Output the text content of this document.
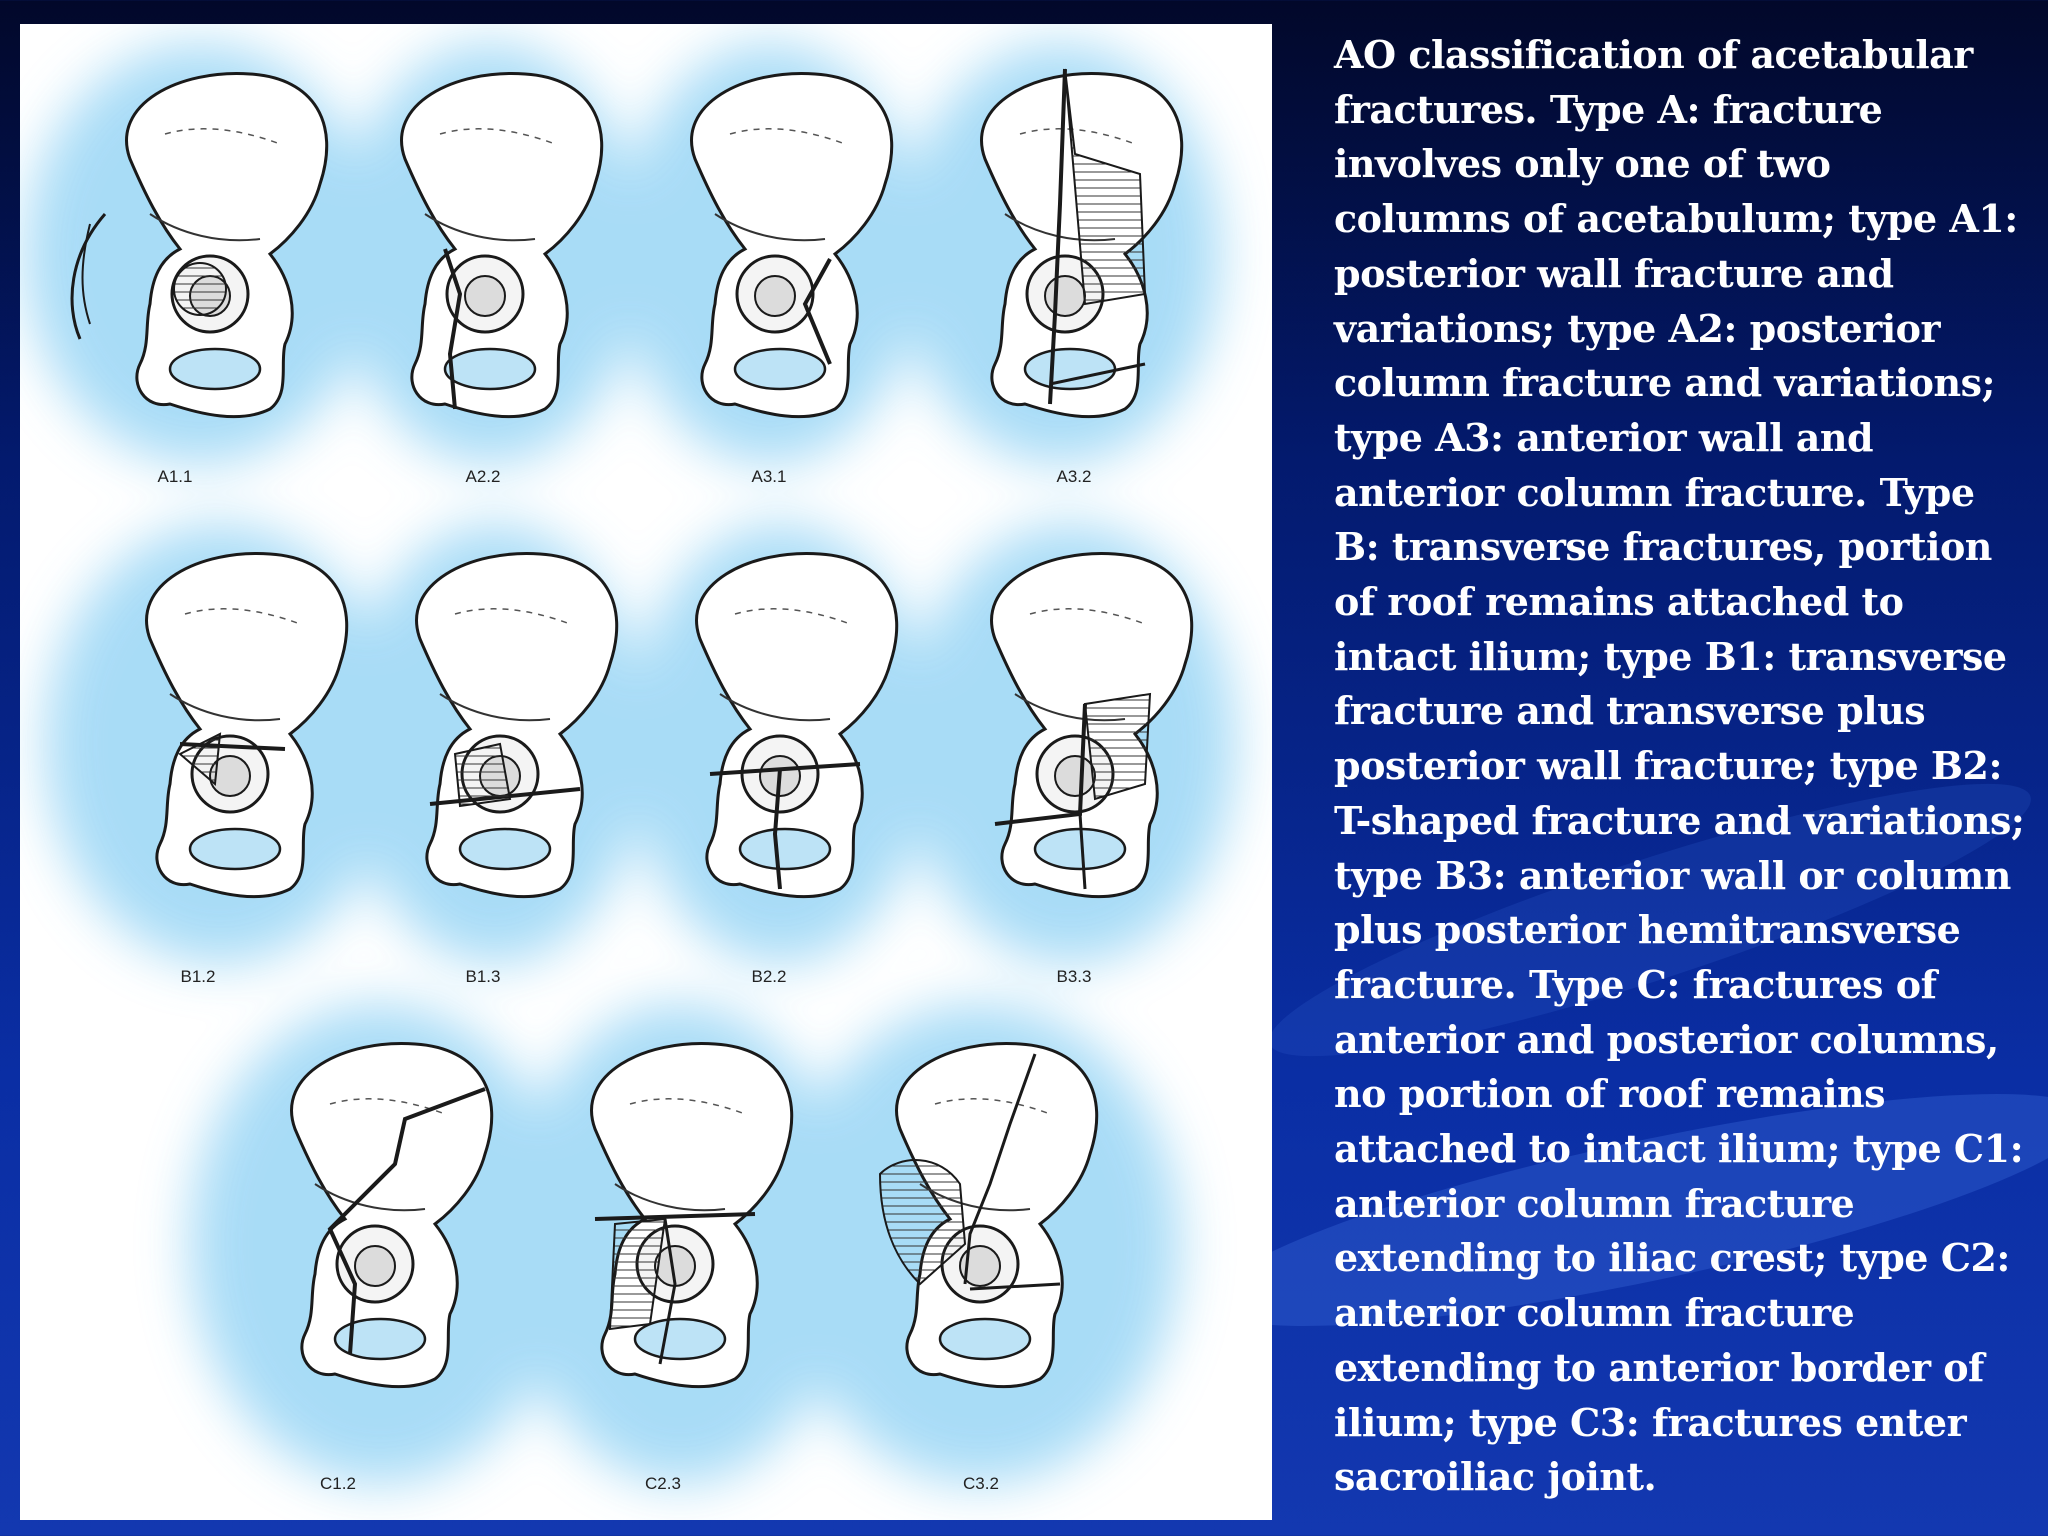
A1.1	A2.2	A3.1	A3.2
B1.2	B1.3	B2.2	B3.3
C1.2	C2.3	C3.2
AO classification of acetabular
fractures. Type A: fracture
involves only one of two
columns of acetabulum; type A1:
posterior wall fracture and
variations; type A2: posterior
column fracture and variations;
type A3: anterior wall and
anterior column fracture. Type
B: transverse fractures, portion
of roof remains attached to
intact ilium; type B1: transverse
fracture and transverse plus
posterior wall fracture; type B2:
T-shaped fracture and variations;
type B3: anterior wall or column
plus posterior hemitransverse
fracture. Type C: fractures of
anterior and posterior columns,
no portion of roof remains
attached to intact ilium; type C1:
anterior column fracture
extending to iliac crest; type C2:
anterior column fracture
extending to anterior border of
ilium; type C3: fractures enter
sacroiliac joint.
